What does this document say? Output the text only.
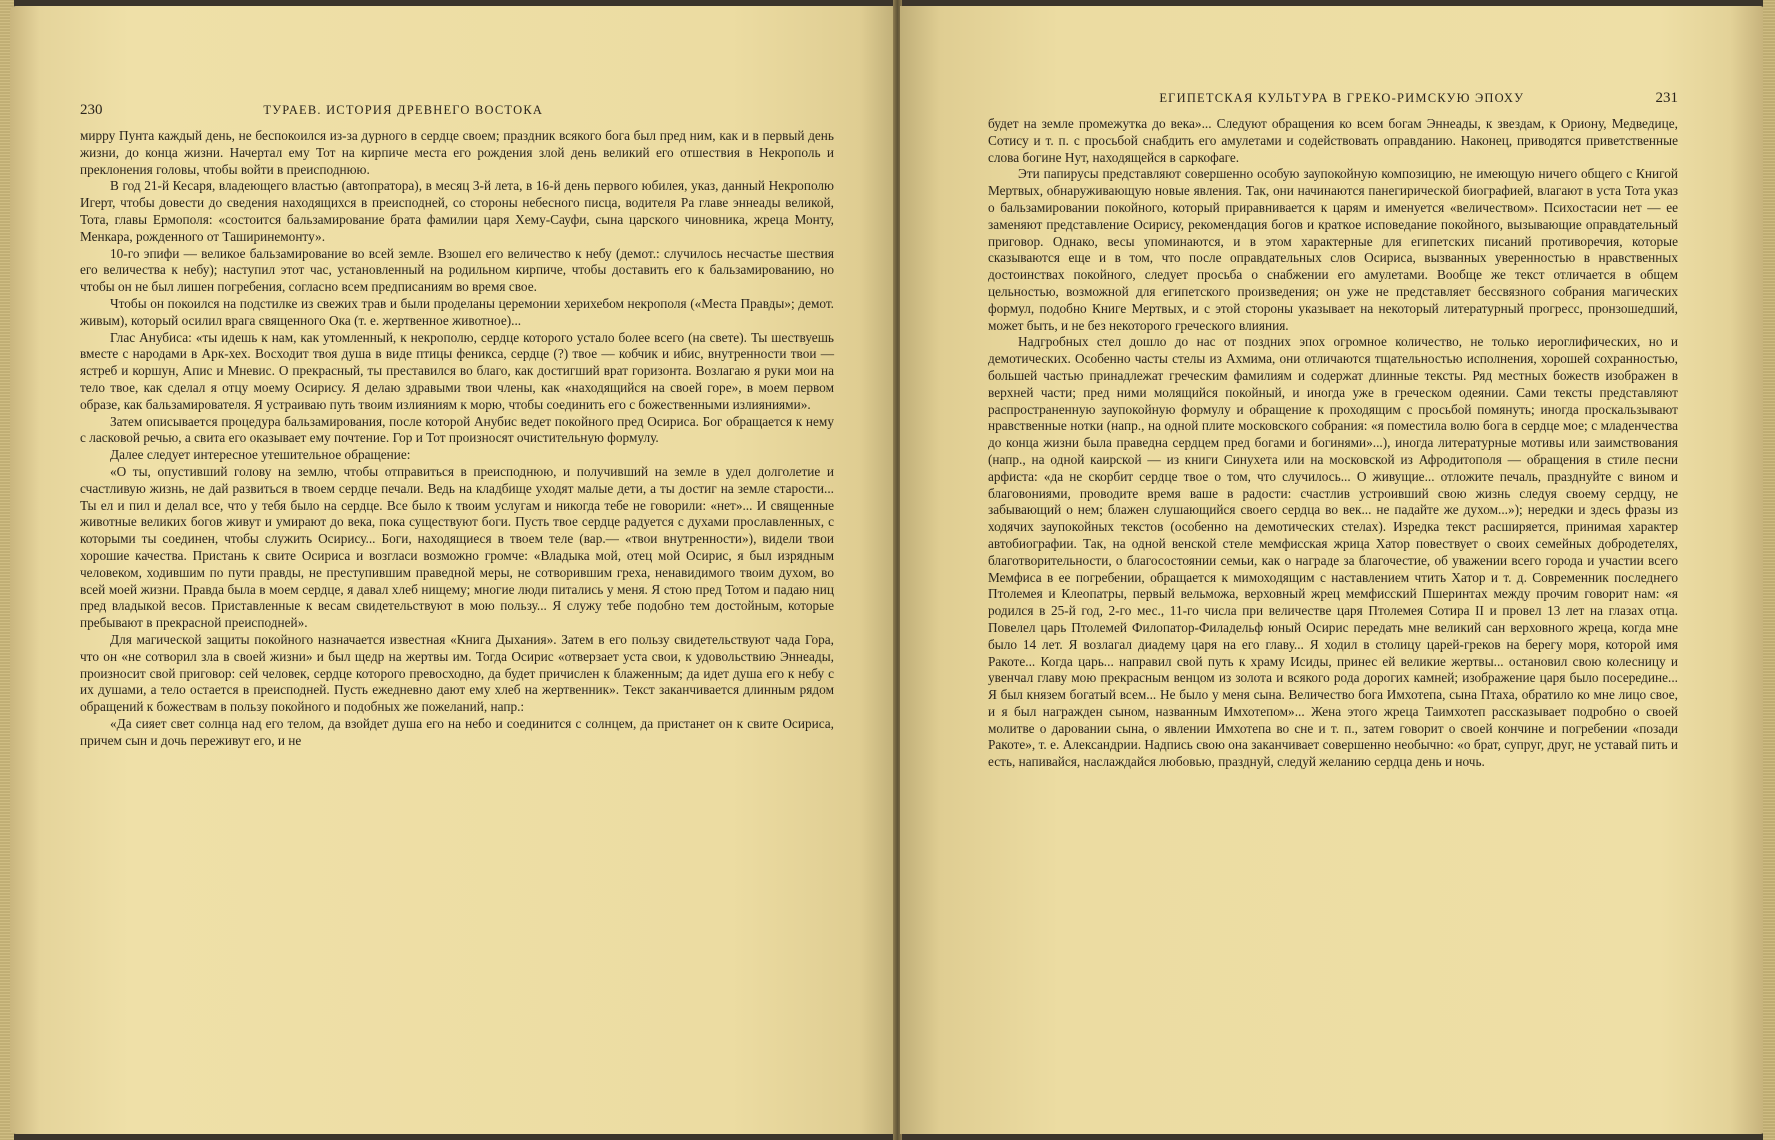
230	ТУРАЕВ. ИСТОРИЯ ДРЕВНЕГО ВОСТОКА

мирру Пунта каждый день, не беспокоился из-за дурного в сердце своем; праздник всякого бога был пред ним, как и в первый день жизни, до конца жизни. Начертал ему Тот на кирпиче места его рождения злой день великий его отшествия в Некрополь и преклонения головы, чтобы войти в преисподнюю.

В год 21-й Кесаря, владеющего властью (автопратора), в месяц 3-й лета, в 16-й день первого юбилея, указ, данный Некрополю Игерт, чтобы довести до сведения находящихся в преисподней, со стороны небесного писца, водителя Ра главе эннеады великой, Тота, главы Ермополя: «состоится бальзамирование брата фамилии царя Хему-Сауфи, сына царского чиновника, жреца Монту, Менкара, рожденного от Таширинемонту».

10-го эпифи — великое бальзамирование во всей земле. Взошел его величество к небу (демот.: случилось несчастье шествия его величества к небу); наступил этот час, установленный на родильном кирпиче, чтобы доставить его к бальзамированию, но чтобы он не был лишен погребения, согласно всем предписаниям во время свое.

Чтобы он покоился на подстилке из свежих трав и были проделаны церемонии херихебом некрополя («Места Правды»; демот. живым), который осилил врага священного Ока (т. е. жертвенное животное)...

Глас Анубиса: «ты идешь к нам, как утомленный, к некрополю, сердце которого устало более всего (на свете). Ты шествуешь вместе с народами в Арк-хех. Восходит твоя душа в виде птицы феникса, сердце (?) твое — кобчик и ибис, внутренности твои — ястреб и коршун, Апис и Мневис. О прекрасный, ты преставился во благо, как достигший врат горизонта. Возлагаю я руки мои на тело твое, как сделал я отцу моему Осирису. Я делаю здравыми твои члены, как «находящийся на своей горе», в моем первом образе, как бальзамирователя. Я устраиваю путь твоим излияниям к морю, чтобы соединить его с божественными излияниями».

Затем описывается процедура бальзамирования, после которой Анубис ведет покойного пред Осириса. Бог обращается к нему с ласковой речью, а свита его оказывает ему почтение. Гор и Тот произносят очистительную формулу.

Далее следует интересное утешительное обращение:

«О ты, опустивший голову на землю, чтобы отправиться в преисподнюю, и получивший на земле в удел долголетие и счастливую жизнь, не дай развиться в твоем сердце печали. Ведь на кладбище уходят малые дети, а ты достиг на земле старости... Ты ел и пил и делал все, что у тебя было на сердце. Все было к твоим услугам и никогда тебе не говорили: «нет»... И священные животные великих богов живут и умирают до века, пока существуют боги. Пусть твое сердце радуется с духами прославленных, с которыми ты соединен, чтобы служить Осирису... Боги, находящиеся в твоем теле (вар.— «твои внутренности»), видели твои хорошие качества. Пристань к свите Осириса и возгласи возможно громче: «Владыка мой, отец мой Осирис, я был изрядным человеком, ходившим по пути правды, не преступившим праведной меры, не сотворившим греха, ненавидимого твоим духом, во всей моей жизни. Правда была в моем сердце, я давал хлеб нищему; многие люди питались у меня. Я стою пред Тотом и падаю ниц пред владыкой весов. Приставленные к весам свидетельствуют в мою пользу... Я служу тебе подобно тем достойным, которые пребывают в прекрасной преисподней».

Для магической защиты покойного назначается известная «Книга Дыхания». Затем в его пользу свидетельствуют чада Гора, что он «не сотворил зла в своей жизни» и был щедр на жертвы им. Тогда Осирис «отверзает уста свои, к удовольствию Эннеады, произносит свой приговор: сей человек, сердце которого превосходно, да будет причислен к блаженным; да идет душа его к небу с их душами, а тело остается в преисподней. Пусть ежедневно дают ему хлеб на жертвенник». Текст заканчивается длинным рядом обращений к божествам в пользу покойного и подобных же пожеланий, напр.:

«Да сияет свет солнца над его телом, да взойдет душа его на небо и соединится с солнцем, да пристанет он к свите Осириса, причем сын и дочь переживут его, и не

ЕГИПЕТСКАЯ КУЛЬТУРА В ГРЕКО-РИМСКУЮ ЭПОХУ	231

будет на земле промежутка до века»... Следуют обращения ко всем богам Эннеады, к звездам, к Ориону, Медведице, Сотису и т. п. с просьбой снабдить его амулетами и содействовать оправданию. Наконец, приводятся приветственные слова богине Нут, находящейся в саркофаге.

Эти папирусы представляют совершенно особую заупокойную композицию, не имеющую ничего общего с Книгой Мертвых, обнаруживающую новые явления. Так, они начинаются панегирической биографией, влагают в уста Тота указ о бальзамировании покойного, который приравнивается к царям и именуется «величеством». Психостасии нет — ее заменяют представление Осирису, рекомендация богов и краткое исповедание покойного, вызывающие оправдательный приговор. Однако, весы упоминаются, и в этом характерные для египетских писаний противоречия, которые сказываются еще и в том, что после оправдательных слов Осириса, вызванных уверенностью в нравственных достоинствах покойного, следует просьба о снабжении его амулетами. Вообще же текст отличается в общем цельностью, возможной для египетского произведения; он уже не представляет бессвязного собрания магических формул, подобно Книге Мертвых, и с этой стороны указывает на некоторый литературный прогресс, пронзошедший, может быть, и не без некоторого греческого влияния.

Надгробных стел дошло до нас от поздних эпох огромное количество, не только иероглифических, но и демотических. Особенно часты стелы из Ахмима, они отличаются тщательностью исполнения, хорошей сохранностью, большей частью принадлежат греческим фамилиям и содержат длинные тексты. Ряд местных божеств изображен в верхней части; пред ними молящийся покойный, и иногда уже в греческом одеянии. Сами тексты представляют распространенную заупокойную формулу и обращение к проходящим с просьбой помянуть; иногда проскальзывают нравственные нотки (напр., на одной плите московского собрания: «я поместила волю бога в сердце мое; с младенчества до конца жизни была праведна сердцем пред богами и богинями»...), иногда литературные мотивы или заимствования (напр., на одной каирской — из книги Синухета или на московской из Афродитополя — обращения в стиле песни арфиста: «да не скорбит сердце твое о том, что случилось... О живущие... отложите печаль, празднуйте с вином и благовониями, проводите время ваше в радости: счастлив устроивший свою жизнь следуя своему сердцу, не забывающий о нем; блажен слушающийся своего сердца во век... не падайте же духом...»); нередки и здесь фразы из ходячих заупокойных текстов (особенно на демотических стелах). Изредка текст расширяется, принимая характер автобиографии. Так, на одной венской стеле мемфисская жрица Хатор повествует о своих семейных добродетелях, благотворительности, о благосостоянии семьи, как о награде за благочестие, об уважении всего города и участии всего Мемфиса в ее погребении, обращается к мимоходящим с наставлением чтить Хатор и т. д. Современник последнего Птолемея и Клеопатры, первый вельможа, верховный жрец мемфисский Пшеринтах между прочим говорит нам: «я родился в 25-й год, 2-го мес., 11-го числа при величестве царя Птолемея Сотира II и провел 13 лет на глазах отца. Повелел царь Птолемей Филопатор-Филадельф юный Осирис передать мне великий сан верховного жреца, когда мне было 14 лет. Я возлагал диадему царя на его главу... Я ходил в столицу царей-греков на берегу моря, которой имя Ракоте... Когда царь... направил свой путь к храму Исиды, принес ей великие жертвы... остановил свою колесницу и увенчал главу мою прекрасным венцом из золота и всякого рода дорогих камней; изображение царя было посередине... Я был князем богатый всем... Не было у меня сына. Величество бога Имхотепа, сына Птаха, обратило ко мне лицо свое, и я был награжден сыном, названным Имхотепом»... Жена этого жреца Таимхотеп рассказывает подробно о своей молитве о даровании сына, о явлении Имхотепа во сне и т. п., затем говорит о своей кончине и погребении «позади Ракоте», т. е. Александрии. Надпись свою она заканчивает совершенно необычно: «о брат, супруг, друг, не уставай пить и есть, напивайся, наслаждайся любовью, празднуй, следуй желанию сердца день и ночь.
